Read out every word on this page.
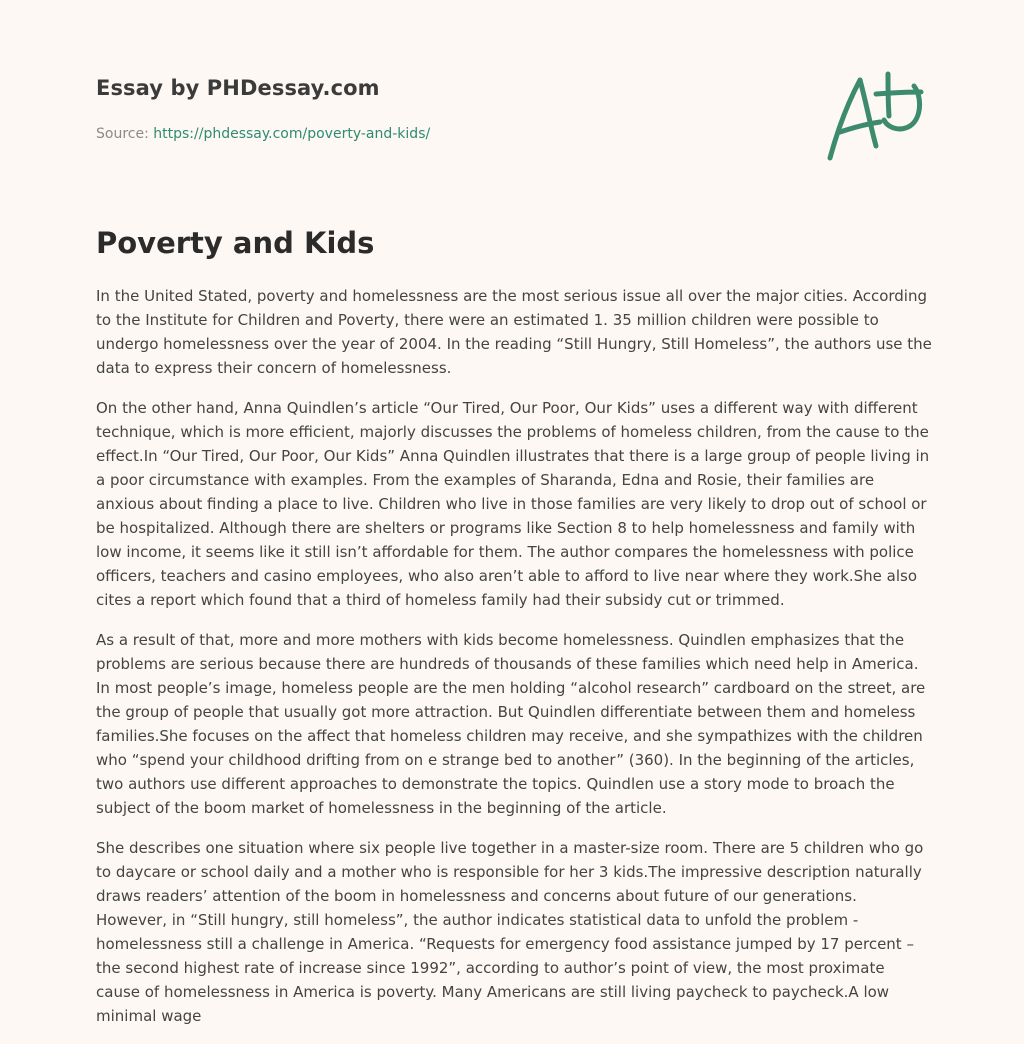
Essay by PHDessay.com
Source: https://phdessay.com/poverty-and-kids/
Poverty and Kids

In the United Stated, poverty and homelessness are the most serious issue all over the major cities. According to the Institute for Children and Poverty, there were an estimated 1. 35 million children were possible to undergo homelessness over the year of 2004. In the reading “Still Hungry, Still Homeless”, the authors use the data to express their concern of homelessness.

On the other hand, Anna Quindlen’s article “Our Tired, Our Poor, Our Kids” uses a different way with different technique, which is more efficient, majorly discusses the problems of homeless children, from the cause to the effect.In “Our Tired, Our Poor, Our Kids” Anna Quindlen illustrates that there is a large group of people living in a poor circumstance with examples. From the examples of Sharanda, Edna and Rosie, their families are anxious about finding a place to live. Children who live in those families are very likely to drop out of school or be hospitalized. Although there are shelters or programs like Section 8 to help homelessness and family with low income, it seems like it still isn’t affordable for them. The author compares the homelessness with police officers, teachers and casino employees, who also aren’t able to afford to live near where they work.She also cites a report which found that a third of homeless family had their subsidy cut or trimmed.

As a result of that, more and more mothers with kids become homelessness. Quindlen emphasizes that the problems are serious because there are hundreds of thousands of these families which need help in America. In most people’s image, homeless people are the men holding “alcohol research” cardboard on the street, are the group of people that usually got more attraction. But Quindlen differentiate between them and homeless families.She focuses on the affect that homeless children may receive, and she sympathizes with the children who “spend your childhood drifting from on e strange bed to another” (360). In the beginning of the articles, two authors use different approaches to demonstrate the topics. Quindlen use a story mode to broach the subject of the boom market of homelessness in the beginning of the article.

She describes one situation where six people live together in a master-size room. There are 5 children who go to daycare or school daily and a mother who is responsible for her 3 kids.The impressive description naturally draws readers’ attention of the boom in homelessness and concerns about future of our generations. However, in “Still hungry, still homeless”, the author indicates statistical data to unfold the problem - homelessness still a challenge in America. “Requests for emergency food assistance jumped by 17 percent – the second highest rate of increase since 1992”, according to author’s point of view, the most proximate cause of homelessness in America is poverty. Many Americans are still living paycheck to paycheck.A low minimal wage
